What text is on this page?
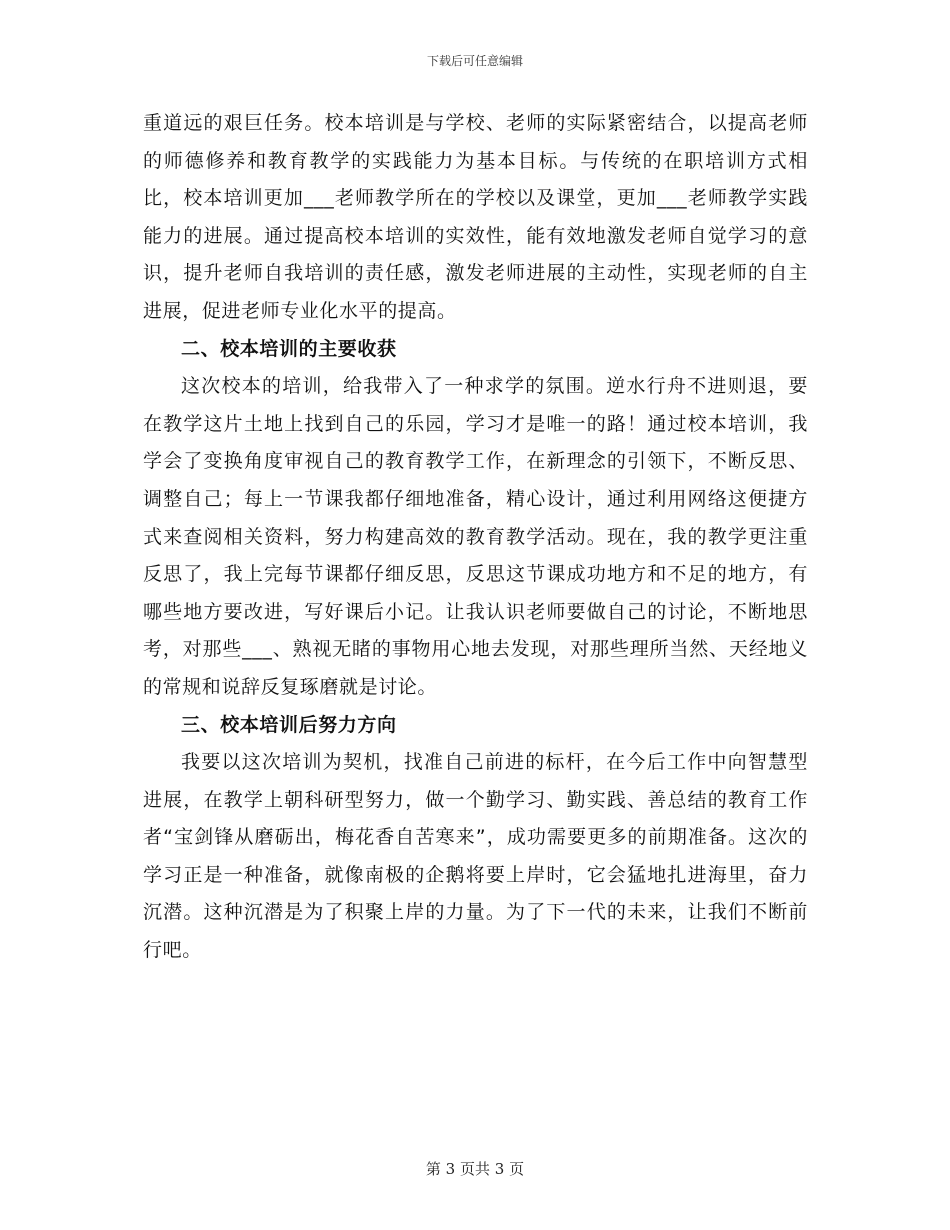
下载后可任意编辑

重道远的艰巨任务。校本培训是与学校、老师的实际紧密结合，以提高老师的师德修养和教育教学的实践能力为基本目标。与传统的在职培训方式相比，校本培训更加___老师教学所在的学校以及课堂，更加___老师教学实践能力的进展。通过提高校本培训的实效性，能有效地激发老师自觉学习的意识，提升老师自我培训的责任感，激发老师进展的主动性，实现老师的自主进展，促进老师专业化水平的提高。

二、校本培训的主要收获

这次校本的培训，给我带入了一种求学的氛围。逆水行舟不进则退，要在教学这片土地上找到自己的乐园，学习才是唯一的路！通过校本培训，我学会了变换角度审视自己的教育教学工作，在新理念的引领下，不断反思、调整自己；每上一节课我都仔细地准备，精心设计，通过利用网络这便捷方式来查阅相关资料，努力构建高效的教育教学活动。现在，我的教学更注重反思了，我上完每节课都仔细反思，反思这节课成功地方和不足的地方，有哪些地方要改进，写好课后小记。让我认识老师要做自己的讨论，不断地思考，对那些___、熟视无睹的事物用心地去发现，对那些理所当然、天经地义的常规和说辞反复琢磨就是讨论。

三、校本培训后努力方向

我要以这次培训为契机，找准自己前进的标杆，在今后工作中向智慧型进展，在教学上朝科研型努力，做一个勤学习、勤实践、善总结的教育工作者“宝剑锋从磨砺出，梅花香自苦寒来”，成功需要更多的前期准备。这次的学习正是一种准备，就像南极的企鹅将要上岸时，它会猛地扎进海里，奋力沉潜。这种沉潜是为了积聚上岸的力量。为了下一代的未来，让我们不断前行吧。

第 3 页共 3 页
